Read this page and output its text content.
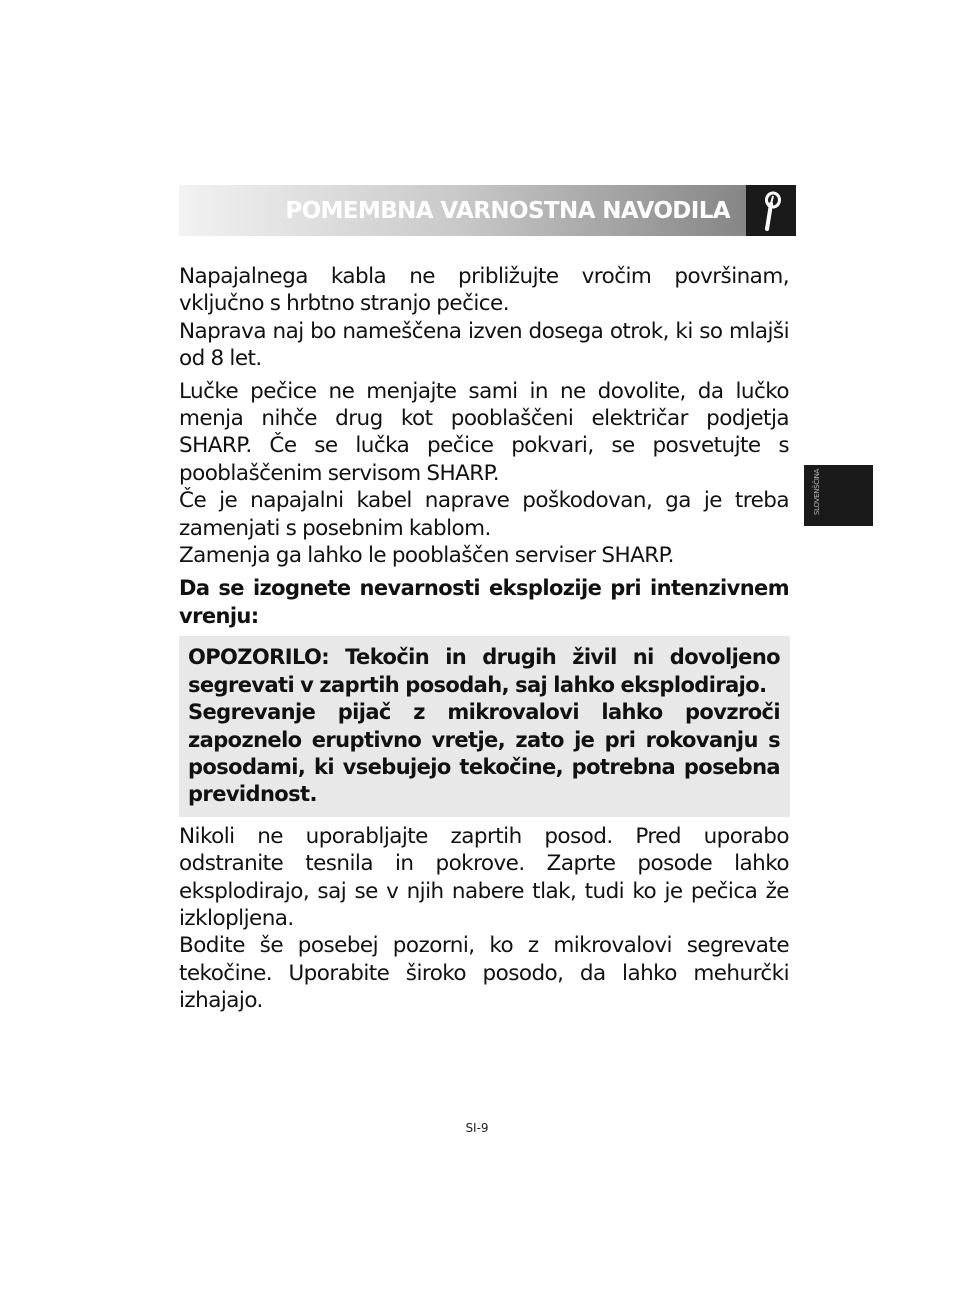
POMEMBNA VARNOSTNA NAVODILA
SLOVENŠČINA

Napajalnega kabla ne približujte vročim površinam, vključno s hrbtno stranjo pečice.

Naprava naj bo nameščena izven dosega otrok, ki so mlajši od 8 let.

Lučke pečice ne menjajte sami in ne dovolite, da lučko menja nihče drug kot pooblaščeni električar podjetja SHARP. Če se lučka pečice pokvari, se posvetujte s pooblaščenim servisom SHARP.

Če je napajalni kabel naprave poškodovan, ga je treba zamenjati s posebnim kablom.

Zamenja ga lahko le pooblaščen serviser SHARP.

Da se izognete nevarnosti eksplozije pri intenzivnem vrenju:

OPOZORILO: Tekočin in drugih živil ni dovoljeno segrevati v zaprtih posodah, saj lahko eksplodirajo.

Segrevanje pijač z mikrovalovi lahko povzroči zapoznelo eruptivno vretje, zato je pri rokovanju s posodami, ki vsebujejo tekočine, potrebna posebna previdnost.

Nikoli ne uporabljajte zaprtih posod. Pred uporabo odstranite tesnila in pokrove. Zaprte posode lahko eksplodirajo, saj se v njih nabere tlak, tudi ko je pečica že izklopljena.

Bodite še posebej pozorni, ko z mikrovalovi segrevate tekočine. Uporabite široko posodo, da lahko mehurčki izhajajo.

SI-9
